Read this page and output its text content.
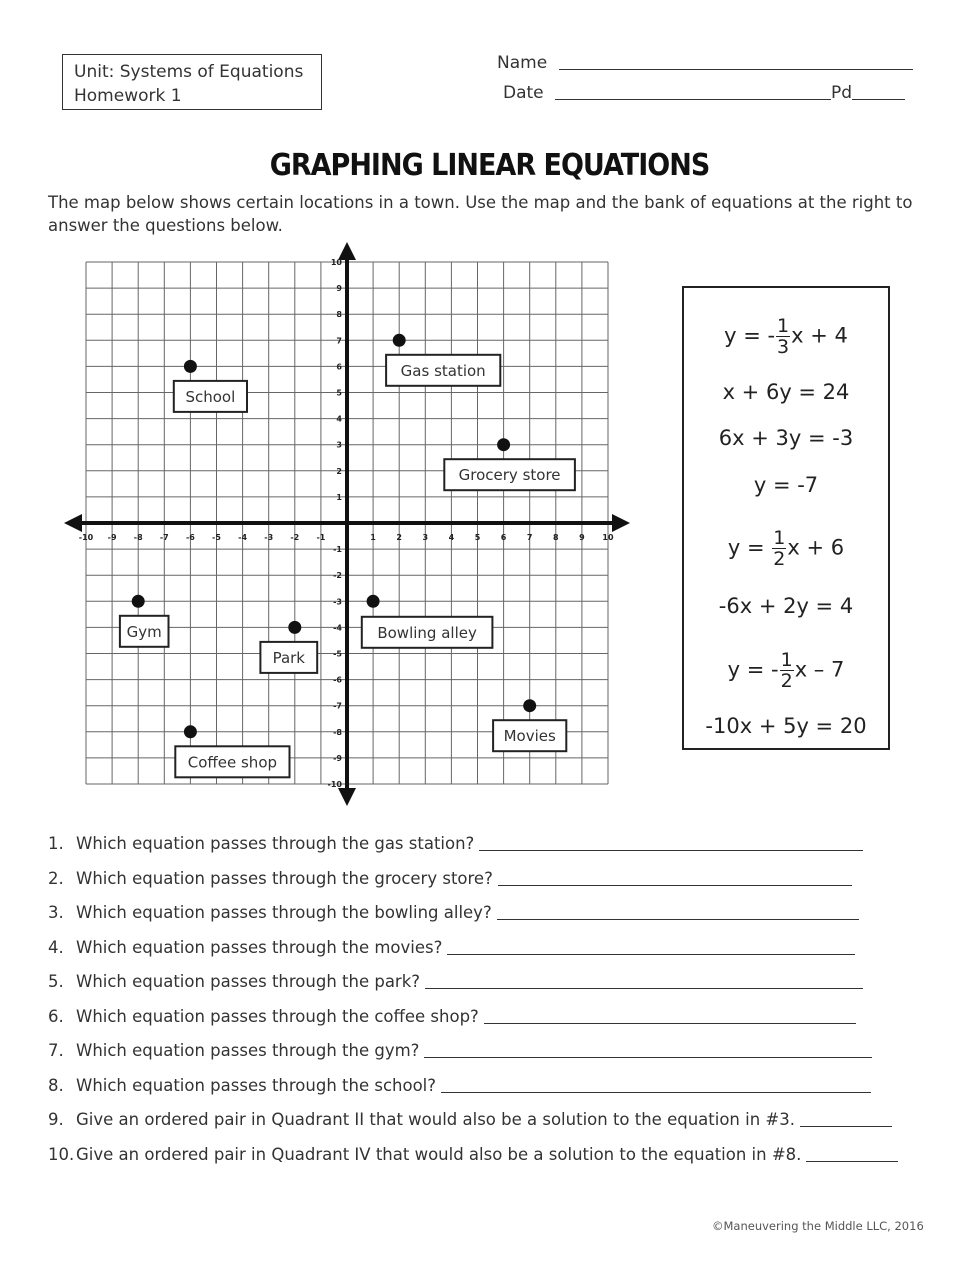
Unit: Systems of Equations
Homework 1
Name
Date	Pd
GRAPHING LINEAR EQUATIONS
The map below shows certain locations in a town. Use the map and the bank of equations at the right to answer the questions below.
-10 -9 -8 -7 -6 -5 -4 -3 -2 -1	1	2	3	4	5	6	7	8	9 10
10
9
8
7
6
5
4
3
2
1
-1
-2
-3
-4
-5
-6
-7
-8
-9
-10
School
Gas station
Grocery store
Gym
Park
Bowling alley
Movies
Coffee shop
y = - $\frac{1}{3}$ x + 4
x + 6y = 24
6x + 3y = -3
y = -7
$y = \frac{1}{2}$ x + 6
-6x + 2y = 4
y = - $\frac{1}{2}$ x – 7
-10x + 5y = 20
1. Which equation passes through the gas station?
2. Which equation passes through the grocery store?
3. Which equation passes through the bowling alley?
4. Which equation passes through the movies?
5. Which equation passes through the park?
6. Which equation passes through the coffee shop?
7. Which equation passes through the gym?
8. Which equation passes through the school?
9. Give an ordered pair in Quadrant II that would also be a solution to the equation in #3.
10. Give an ordered pair in Quadrant IV that would also be a solution to the equation in #8.
©Maneuvering the Middle LLC, 2016
